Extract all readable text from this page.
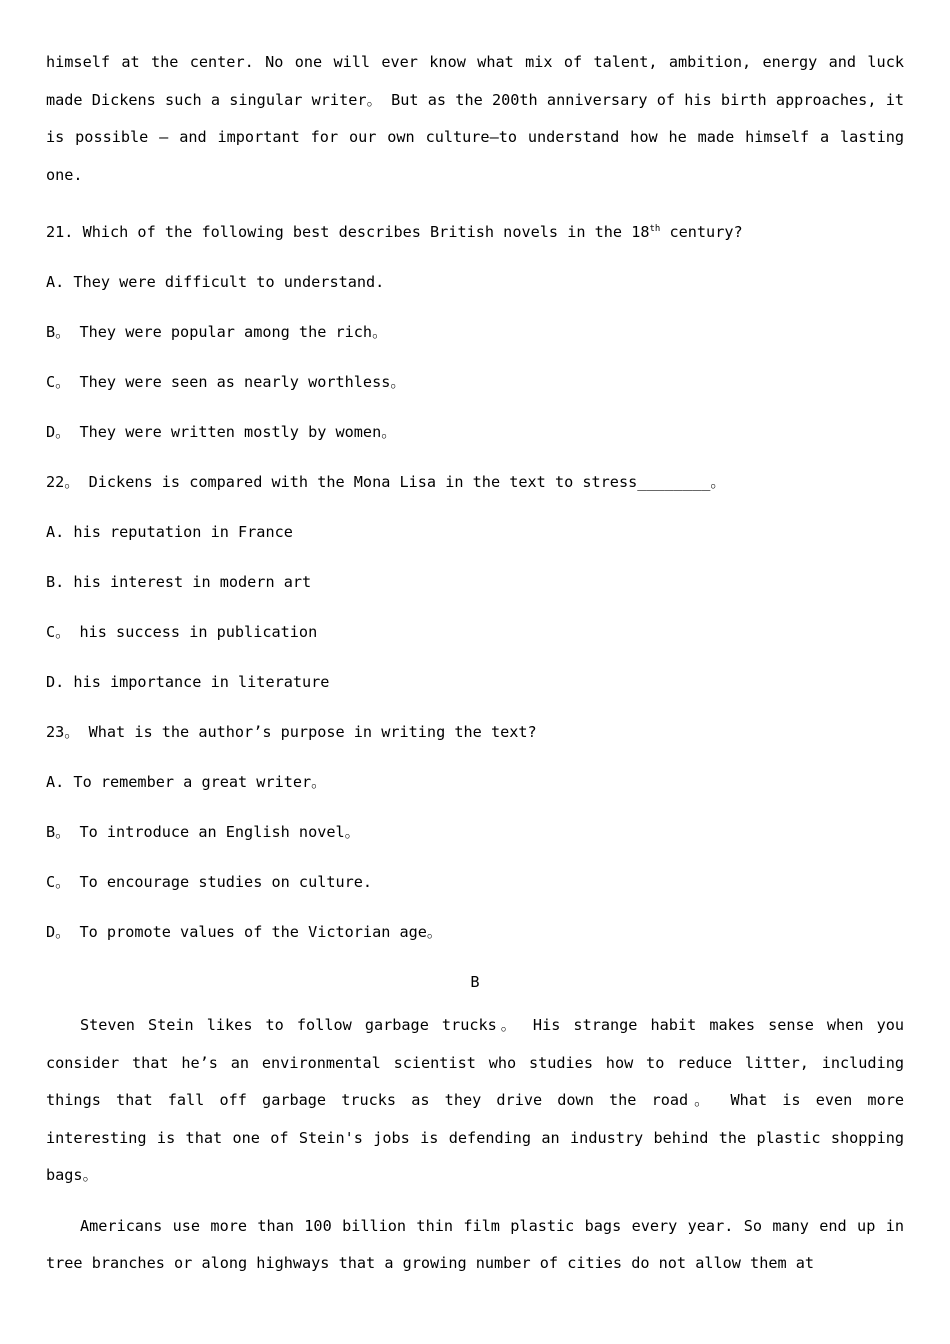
himself at the center. No one will ever know what mix of talent, ambition, energy and luck made Dickens such a singular writer。 But as the 200th anniversary of his birth approaches, it is possible – and important for our own culture—to understand how he made himself a lasting one.

21. Which of the following best describes British novels in the 18th century?

A. They were difficult to understand.

B。 They were popular among the rich。

C。 They were seen as nearly worthless。

D。 They were written mostly by women。

22。 Dickens is compared with the Mona Lisa in the text to stress________。

A. his reputation in France

B. his interest in modern art

C。 his success in publication

D. his importance in literature

23。 What is the author’s purpose in writing the text?

A. To remember a great writer。

B。 To introduce an English novel。

C。 To encourage studies on culture.

D。 To promote values of the Victorian age。

B

Steven Stein likes to follow garbage trucks。 His strange habit makes sense when you consider that he’s an environmental scientist who studies how to reduce litter, including things that fall off garbage trucks as they drive down the road。 What is even more interesting is that one of Stein's jobs is defending an industry behind the plastic shopping bags。

Americans use more than 100 billion thin film plastic bags every year. So many end up in tree branches or along highways that a growing number of cities do not allow them at
